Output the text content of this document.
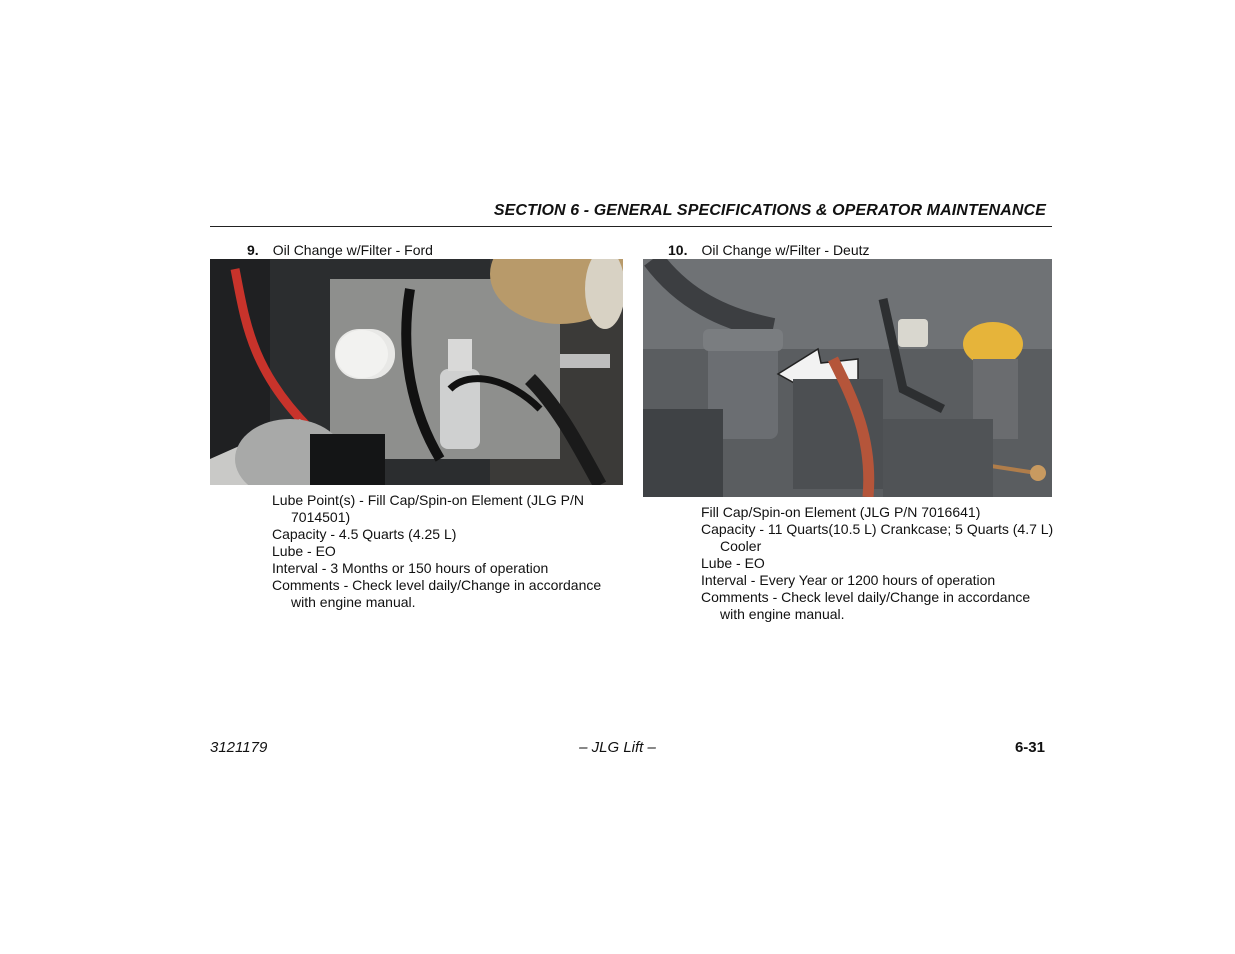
SECTION 6 - GENERAL SPECIFICATIONS & OPERATOR MAINTENANCE
9. Oil Change w/Filter - Ford
Lube Point(s) - Fill Cap/Spin-on Element (JLG P/N 7014501)
Capacity - 4.5 Quarts (4.25 L)
Lube - EO
Interval - 3 Months or 150 hours of operation
Comments - Check level daily/Change in accordance with engine manual.
10. Oil Change w/Filter - Deutz
Fill Cap/Spin-on Element (JLG P/N 7016641)
Capacity - 11 Quarts(10.5 L) Crankcase; 5 Quarts (4.7 L) Cooler
Lube - EO
Interval - Every Year or 1200 hours of operation
Comments - Check level daily/Change in accordance with engine manual.
3121179	– JLG Lift –	6-31
